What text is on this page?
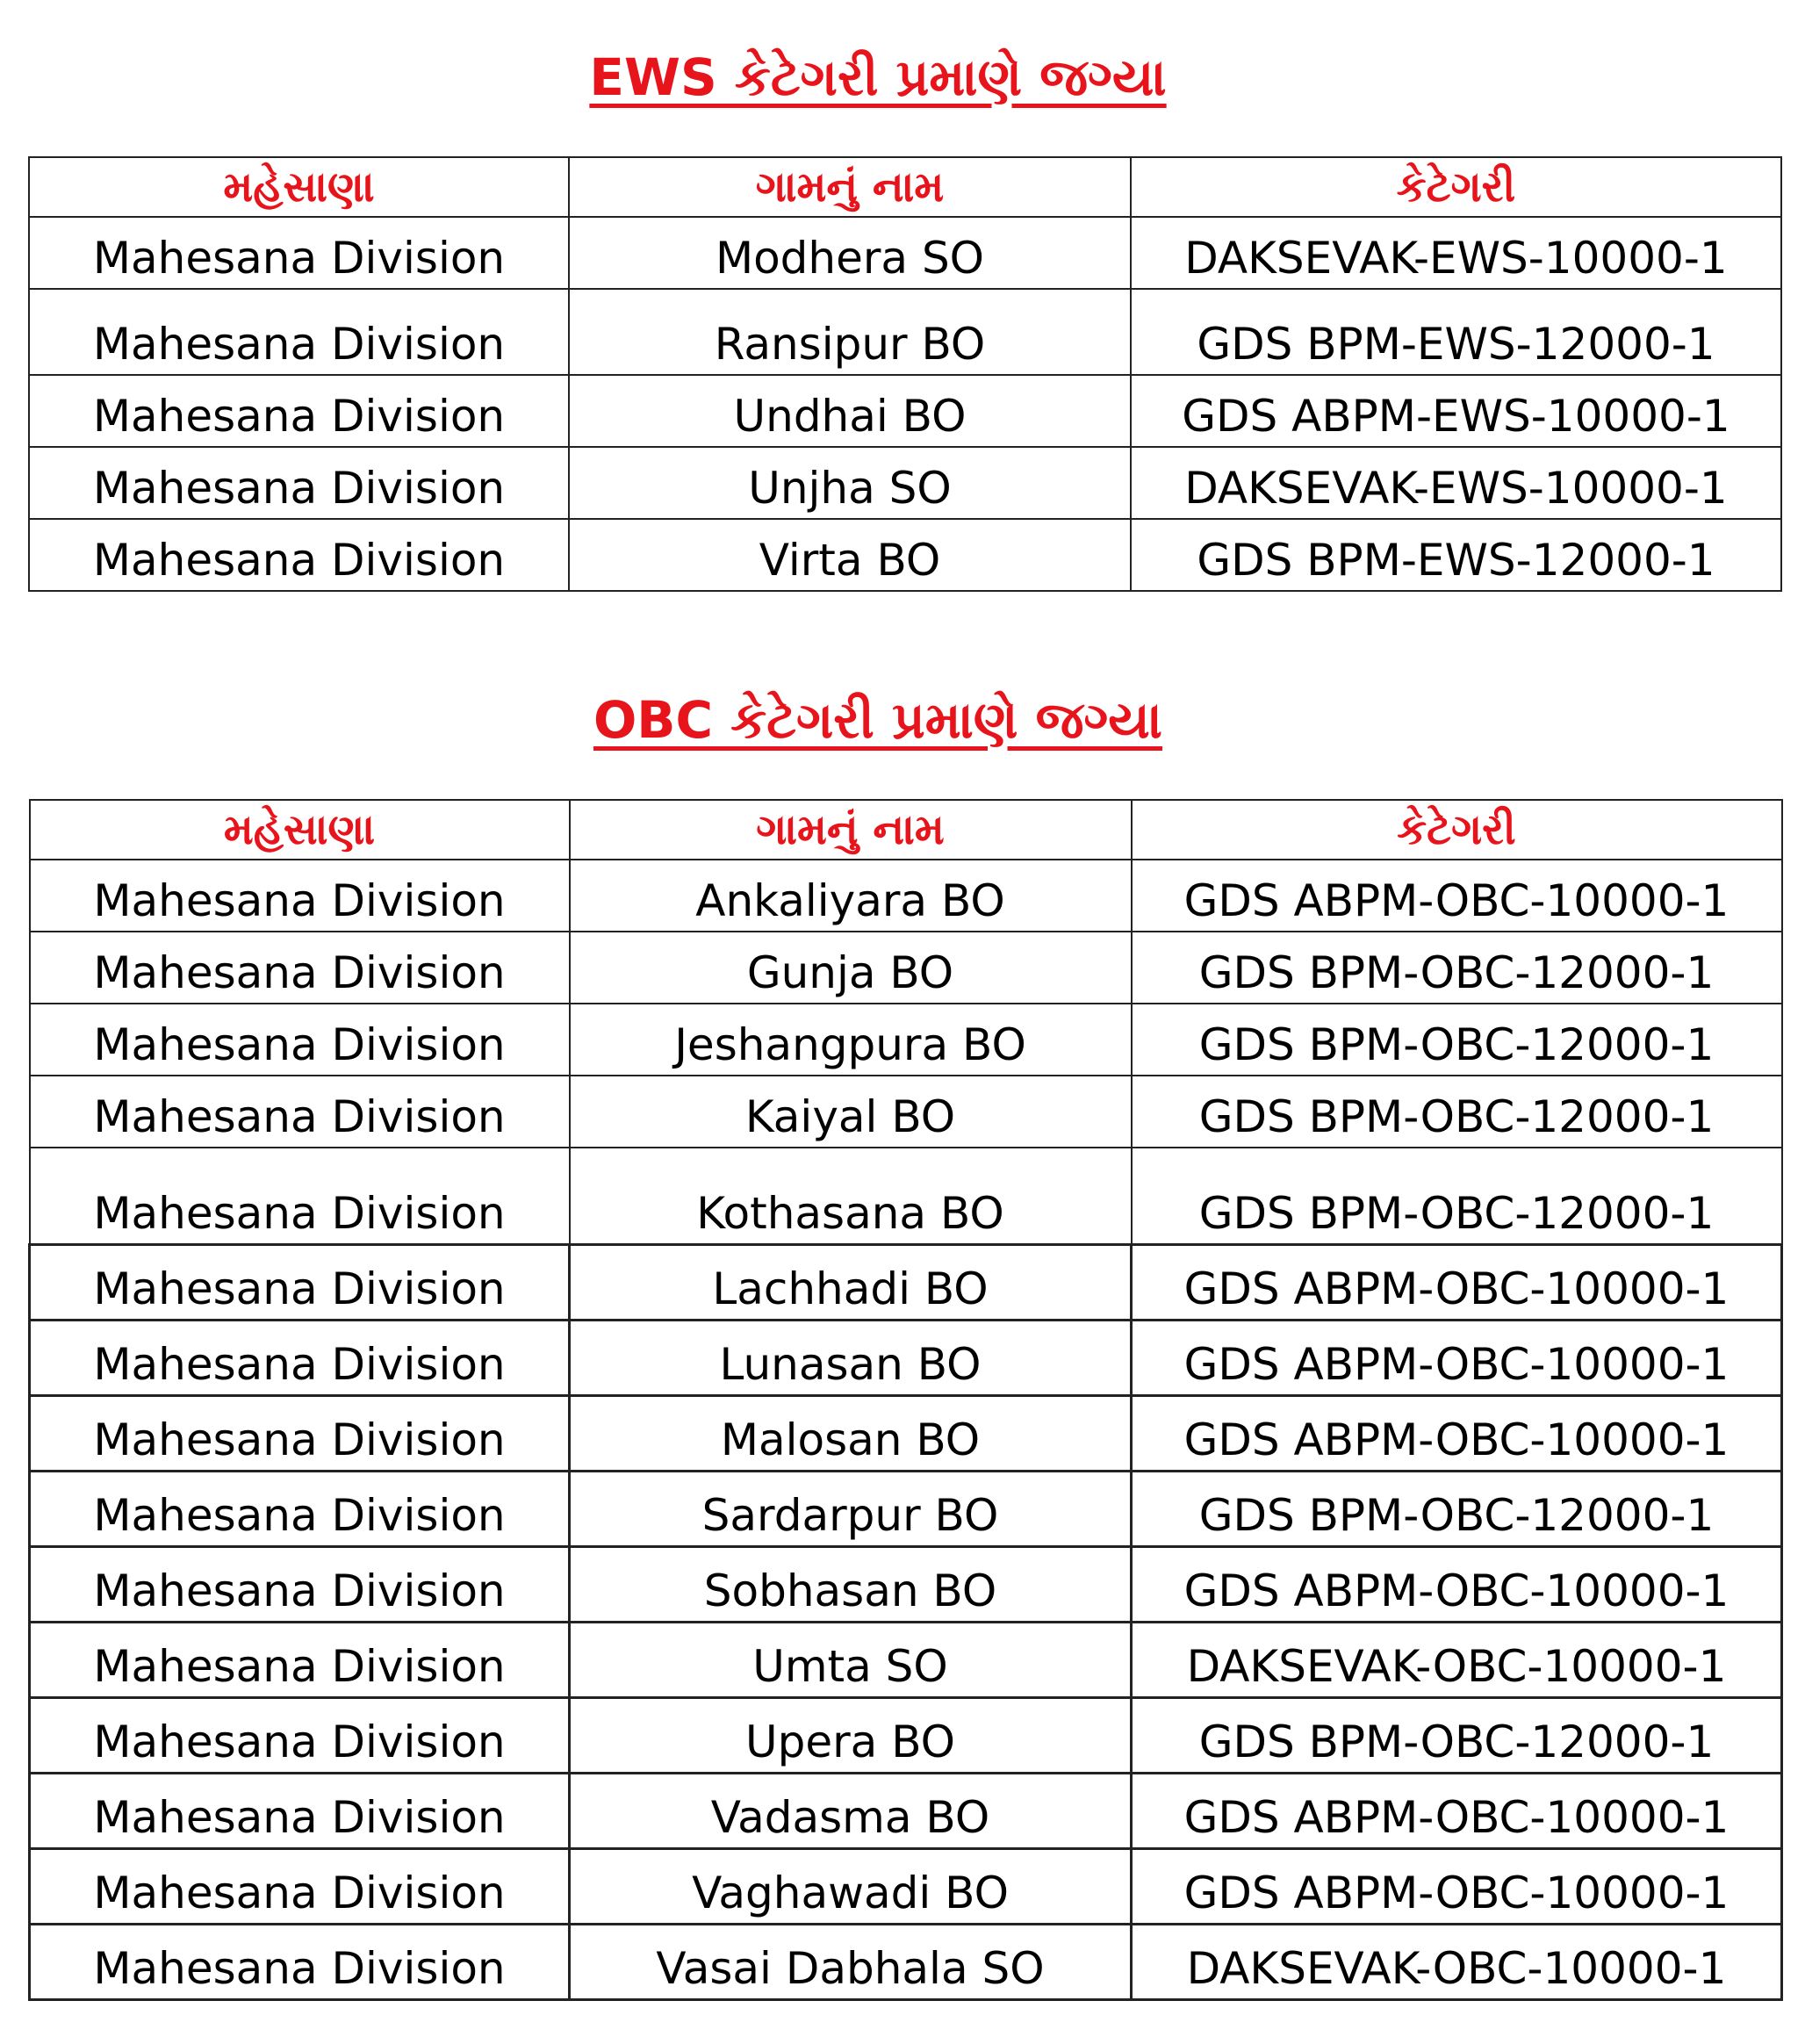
EWS કેટેગરી પ્રમાણે જગ્યા
મહેસાણા	ગામનું નામ	કેટેગરી
Mahesana Division	Modhera SO	DAKSEVAK-EWS-10000-1
Mahesana Division	Ransipur BO	GDS BPM-EWS-12000-1
Mahesana Division	Undhai BO	GDS ABPM-EWS-10000-1
Mahesana Division	Unjha SO	DAKSEVAK-EWS-10000-1
Mahesana Division	Virta BO	GDS BPM-EWS-12000-1
OBC કેટેગરી પ્રમાણે જગ્યા
મહેસાણા	ગામનું નામ	કેટેગરી
Mahesana Division	Ankaliyara BO	GDS ABPM-OBC-10000-1
Mahesana Division	Gunja BO	GDS BPM-OBC-12000-1
Mahesana Division	Jeshangpura BO	GDS BPM-OBC-12000-1
Mahesana Division	Kaiyal BO	GDS BPM-OBC-12000-1
Mahesana Division	Kothasana BO	GDS BPM-OBC-12000-1
Mahesana Division	Lachhadi BO	GDS ABPM-OBC-10000-1
Mahesana Division	Lunasan BO	GDS ABPM-OBC-10000-1
Mahesana Division	Malosan BO	GDS ABPM-OBC-10000-1
Mahesana Division	Sardarpur BO	GDS BPM-OBC-12000-1
Mahesana Division	Sobhasan BO	GDS ABPM-OBC-10000-1
Mahesana Division	Umta SO	DAKSEVAK-OBC-10000-1
Mahesana Division	Upera BO	GDS BPM-OBC-12000-1
Mahesana Division	Vadasma BO	GDS ABPM-OBC-10000-1
Mahesana Division	Vaghawadi BO	GDS ABPM-OBC-10000-1
Mahesana Division	Vasai Dabhala SO	DAKSEVAK-OBC-10000-1
